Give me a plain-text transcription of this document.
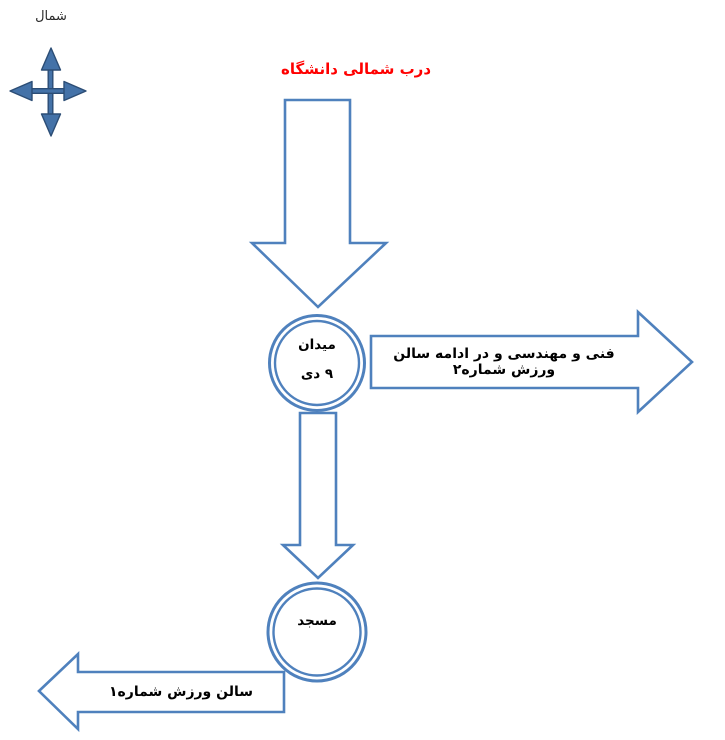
شمال
درب شمالی دانشگاه
میدان
۹ دی
مسجد
فنی و مهندسی و در ادامه سالن ورزش شماره۲
سالن ورزش شماره۱
